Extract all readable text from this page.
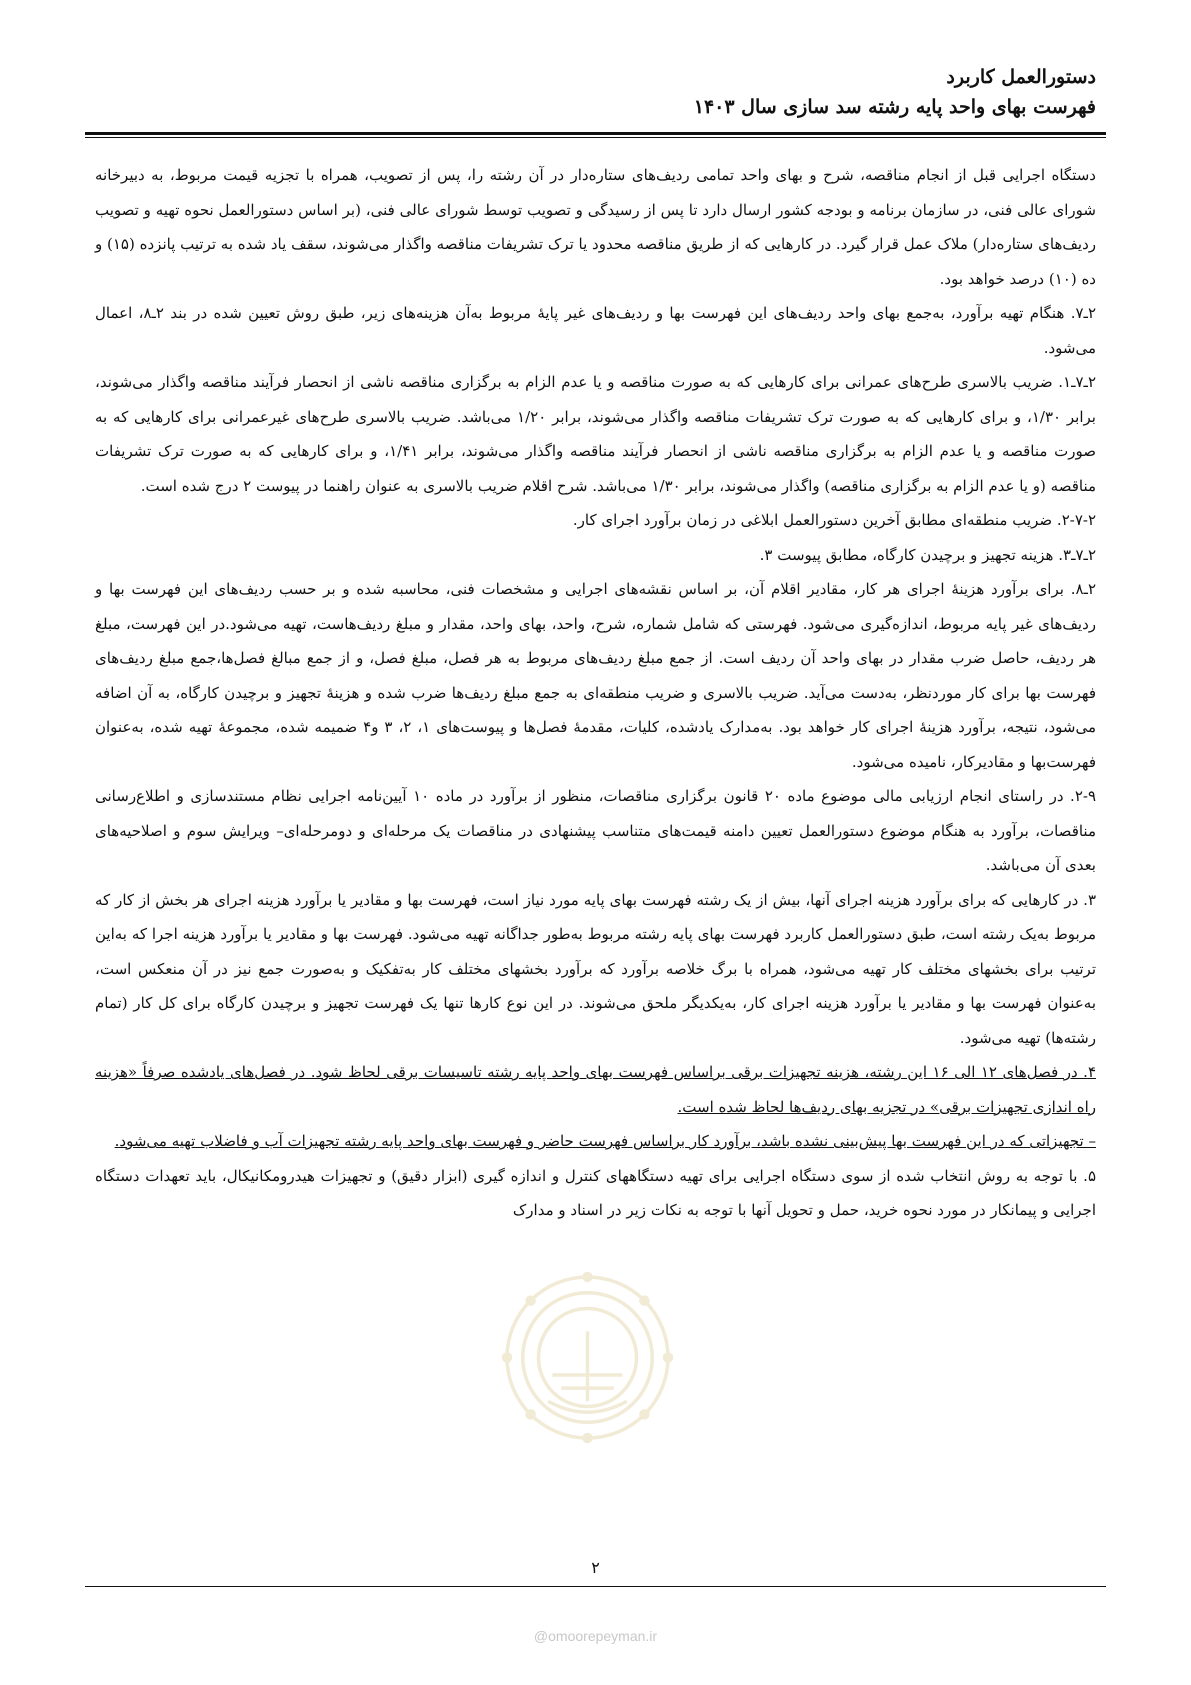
دستورالعمل کاربرد
فهرست بهای واحد پایه رشته سد سازی سال ۱۴۰۳

دستگاه اجرایی قبل از انجام مناقصه، شرح و بهای واحد تمامی ردیف‌های ستاره‌دار در آن رشته را، پس از تصویب، همراه با تجزیه قیمت مربوط، به دبیرخانه شورای عالی فنی، در سازمان برنامه و بودجه کشور ارسال دارد تا پس از رسیدگی و تصویب توسط شورای عالی فنی، (بر اساس دستورالعمل نحوه تهیه و تصویب ردیف‌های ستاره‌دار) ملاک عمل قرار گیرد. در کارهایی که از طریق مناقصه محدود یا ترک تشریفات مناقصه واگذار می‌شوند، سقف یاد شده به ترتیب پانزده (۱۵) و ده (۱۰) درصد خواهد بود.

۲ـ۷. هنگام تهیه برآورد، به‌جمع بهای واحد ردیف‌های این فهرست بها و ردیف‌های غیر پایهٔ مربوط به‌آن هزینه‌های زیر، طبق روش تعیین شده در بند ۲ـ۸، اعمال می‌شود.

۲ـ۷ـ۱. ضریب بالاسری طرح‌های عمرانی برای کارهایی که به صورت مناقصه و یا عدم الزام به برگزاری مناقصه ناشی از انحصار فرآیند مناقصه واگذار می‌شوند، برابر ۱/۳۰، و برای کارهایی که به صورت ترک تشریفات مناقصه واگذار می‌شوند، برابر ۱/۲۰ می‌باشد. ضریب بالاسری طرح‌های غیرعمرانی برای کارهایی که به صورت مناقصه و یا عدم الزام به برگزاری مناقصه ناشی از انحصار فرآیند مناقصه واگذار می‌شوند، برابر ۱/۴۱، و برای کارهایی که به صورت ترک تشریفات مناقصه (و یا عدم الزام به برگزاری مناقصه) واگذار می‌شوند، برابر ۱/۳۰ می‌باشد. شرح اقلام ضریب بالاسری به عنوان راهنما در پیوست ۲ درج شده است.

۲-۷-۲. ضریب منطقه‌ای مطابق آخرین دستورالعمل ابلاغی در زمان برآورد اجرای کار.

۲ـ۷ـ۳. هزینه تجهیز و برچیدن کارگاه، مطابق پیوست ۳.

۲ـ۸. برای برآورد هزینهٔ اجرای هر کار، مقادیر اقلام آن، بر اساس نقشه‌های اجرایی و مشخصات فنی، محاسبه شده و بر حسب ردیف‌های این فهرست بها و ردیف‌های غیر پایه مربوط، اندازه‌گیری می‌شود. فهرستی که شامل شماره، شرح، واحد، بهای واحد، مقدار و مبلغ ردیف‌هاست، تهیه می‌شود.در این فهرست، مبلغ هر ردیف، حاصل ضرب مقدار در بهای واحد آن ردیف است. از جمع مبلغ ردیف‌های مربوط به هر فصل، مبلغ فصل، و از جمع مبالغ فصل‌ها،جمع مبلغ ردیف‌های فهرست بها برای کار موردنظر، به‌دست می‌آید. ضریب بالاسری و ضریب منطقه‌ای به جمع مبلغ ردیف‌ها ضرب شده و هزینهٔ تجهیز و برچیدن کارگاه، به آن اضافه می‌شود، نتیجه، برآورد هزینهٔ اجرای کار خواهد بود. به‌مدارک یادشده، کلیات، مقدمهٔ فصل‌ها و پیوست‌های ۱، ۲، ۳ و۴ ضمیمه شده، مجموعهٔ تهیه شده، به‌عنوان فهرست‌بها و مقادیرکار، نامیده می‌شود.

۲-۹. در راستای انجام ارزیابی مالی موضوع ماده ۲۰ قانون برگزاری مناقصات، منظور از برآورد در ماده ۱۰ آیین‌نامه اجرایی نظام مستندسازی و اطلاع‌رسانی مناقصات، برآورد به هنگام موضوع دستورالعمل تعیین دامنه قیمت‌های متناسب پیشنهادی در مناقصات یک مرحله‌ای و دومرحله‌ای– ویرایش سوم و اصلاحیه‌های بعدی آن می‌باشد.

۳. در کارهایی که برای برآورد هزینه اجرای آنها، بیش از یک رشته فهرست بهای پایه مورد نیاز است، فهرست بها و مقادیر یا برآورد هزینه اجرای هر بخش از کار که مربوط به‌یک رشته است، طبق دستورالعمل کاربرد فهرست بهای پایه رشته مربوط به‌طور جداگانه تهیه می‌شود. فهرست بها و مقادیر یا برآورد هزینه اجرا که به‌این ترتیب برای بخشهای مختلف کار تهیه می‌شود، همراه با برگ خلاصه برآورد که برآورد بخشهای مختلف کار به‌تفکیک و به‌صورت جمع نیز در آن منعکس است، به‌عنوان فهرست بها و مقادیر یا برآورد هزینه اجرای کار، به‌یکدیگر ملحق می‌شوند. در این نوع کارها تنها یک فهرست تجهیز و برچیدن کارگاه برای کل کار (تمام رشته‌ها) تهیه می‌شود.

۴. در فصل‌های ۱۲ الی ۱۶ این رشته، هزینه تجهیزات برقی براساس فهرست بهای واحد پایه رشته تاسیسات برقی لحاظ شود. در فصل‌های یادشده صرفاً «هزینه راه اندازی تجهیزات برقی» در تجزیه بهای ردیف‌ها لحاظ شده است.

– تجهیزاتی که در این فهرست بها پیش‌بینی نشده باشد، برآورد کار براساس فهرست حاضر و فهرست بهای واحد پایه رشته تجهیزات آب و فاضلاب تهیه می‌شود.

۵. با توجه به روش انتخاب شده از سوی دستگاه اجرایی برای تهیه دستگاههای کنترل و اندازه گیری (ابزار دقیق) و تجهیزات هیدرومکانیکال، باید تعهدات دستگاه اجرایی و پیمانکار در مورد نحوه خرید، حمل و تحویل آنها با توجه به نکات زیر در اسناد و مدارک

۲
@omoorepeyman.ir
